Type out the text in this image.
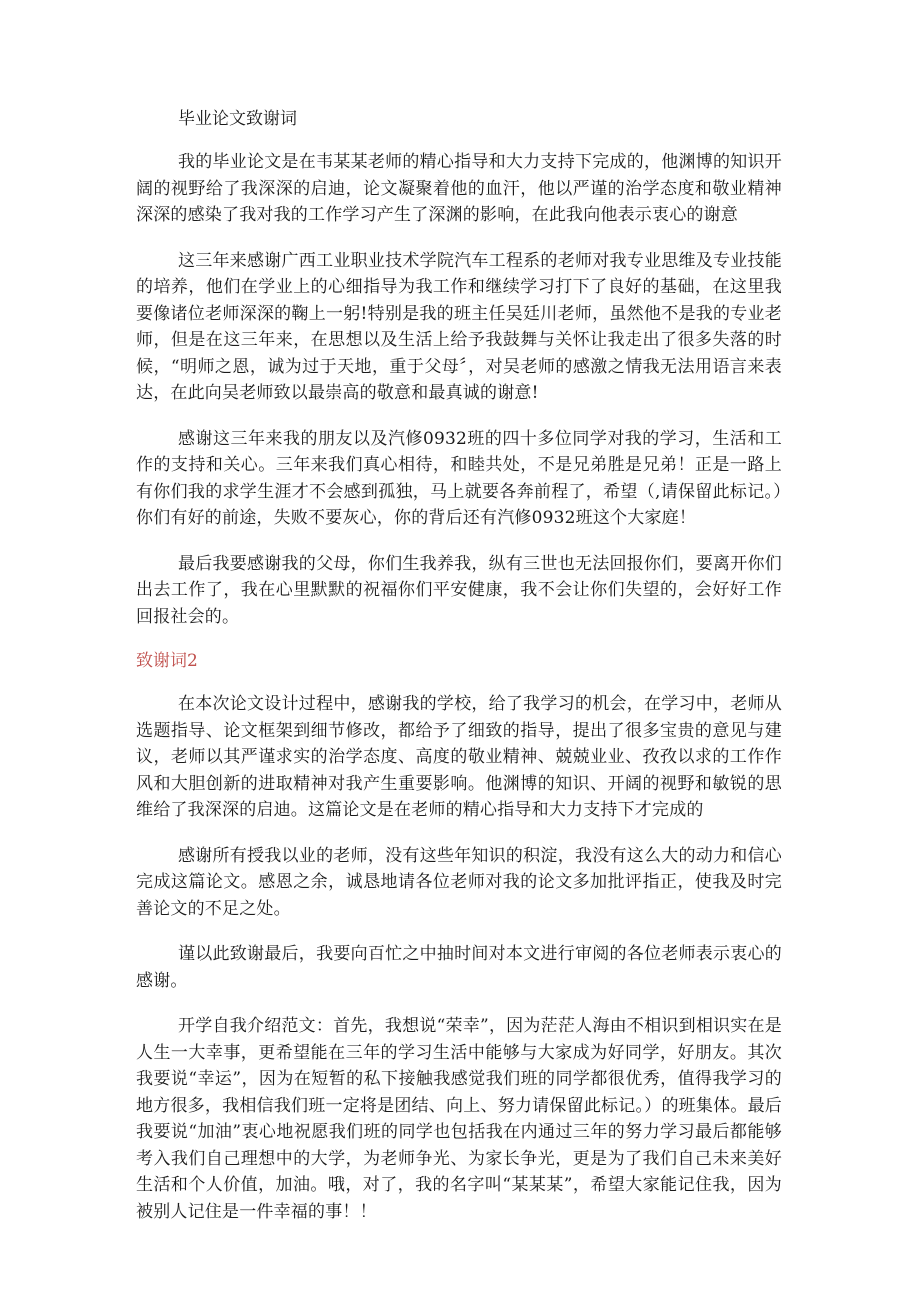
毕业论文致谢词

我的毕业论文是在韦某某老师的精心指导和大力支持下完成的，他渊博的知识开阔的视野给了我深深的启迪，论文凝聚着他的血汗，他以严谨的治学态度和敬业精神深深的感染了我对我的工作学习产生了深渊的影响，在此我向他表示衷心的谢意

这三年来感谢广西工业职业技术学院汽车工程系的老师对我专业思维及专业技能的培养，他们在学业上的心细指导为我工作和继续学习打下了良好的基础，在这里我要像诸位老师深深的鞠上一躬!特别是我的班主任吴廷川老师，虽然他不是我的专业老师，但是在这三年来，在思想以及生活上给予我鼓舞与关怀让我走出了很多失落的时候，“明师之恩，诚为过于天地，重于父母〞，对吴老师的感激之情我无法用语言来表达，在此向吴老师致以最崇高的敬意和最真诚的谢意!

感谢这三年来我的朋友以及汽修0932班的四十多位同学对我的学习，生活和工作的支持和关心。三年来我们真心相待，和睦共处，不是兄弟胜是兄弟！正是一路上有你们我的求学生涯才不会感到孤独，马上就要各奔前程了，希望（,请保留此标记。）你们有好的前途，失败不要灰心，你的背后还有汽修0932班这个大家庭！

最后我要感谢我的父母，你们生我养我，纵有三世也无法回报你们，要离开你们出去工作了，我在心里默默的祝福你们平安健康，我不会让你们失望的，会好好工作回报社会的。

致谢词2

在本次论文设计过程中，感谢我的学校，给了我学习的机会，在学习中，老师从选题指导、论文框架到细节修改，都给予了细致的指导，提出了很多宝贵的意见与建议，老师以其严谨求实的治学态度、高度的敬业精神、兢兢业业、孜孜以求的工作作风和大胆创新的进取精神对我产生重要影响。他渊博的知识、开阔的视野和敏锐的思维给了我深深的启迪。这篇论文是在老师的精心指导和大力支持下才完成的

感谢所有授我以业的老师，没有这些年知识的积淀，我没有这么大的动力和信心完成这篇论文。感恩之余，诚恳地请各位老师对我的论文多加批评指正，使我及时完善论文的不足之处。

谨以此致谢最后，我要向百忙之中抽时间对本文进行审阅的各位老师表示衷心的感谢。

开学自我介绍范文：首先，我想说“荣幸”，因为茫茫人海由不相识到相识实在是人生一大幸事，更希望能在三年的学习生活中能够与大家成为好同学，好朋友。其次我要说“幸运”，因为在短暂的私下接触我感觉我们班的同学都很优秀，值得我学习的地方很多，我相信我们班一定将是团结、向上、努力请保留此标记。）的班集体。最后我要说“加油”衷心地祝愿我们班的同学也包括我在内通过三年的努力学习最后都能够考入我们自己理想中的大学，为老师争光、为家长争光，更是为了我们自己未来美好生活和个人价值，加油。哦，对了，我的名字叫“某某某”，希望大家能记住我，因为被别人记住是一件幸福的事！！
